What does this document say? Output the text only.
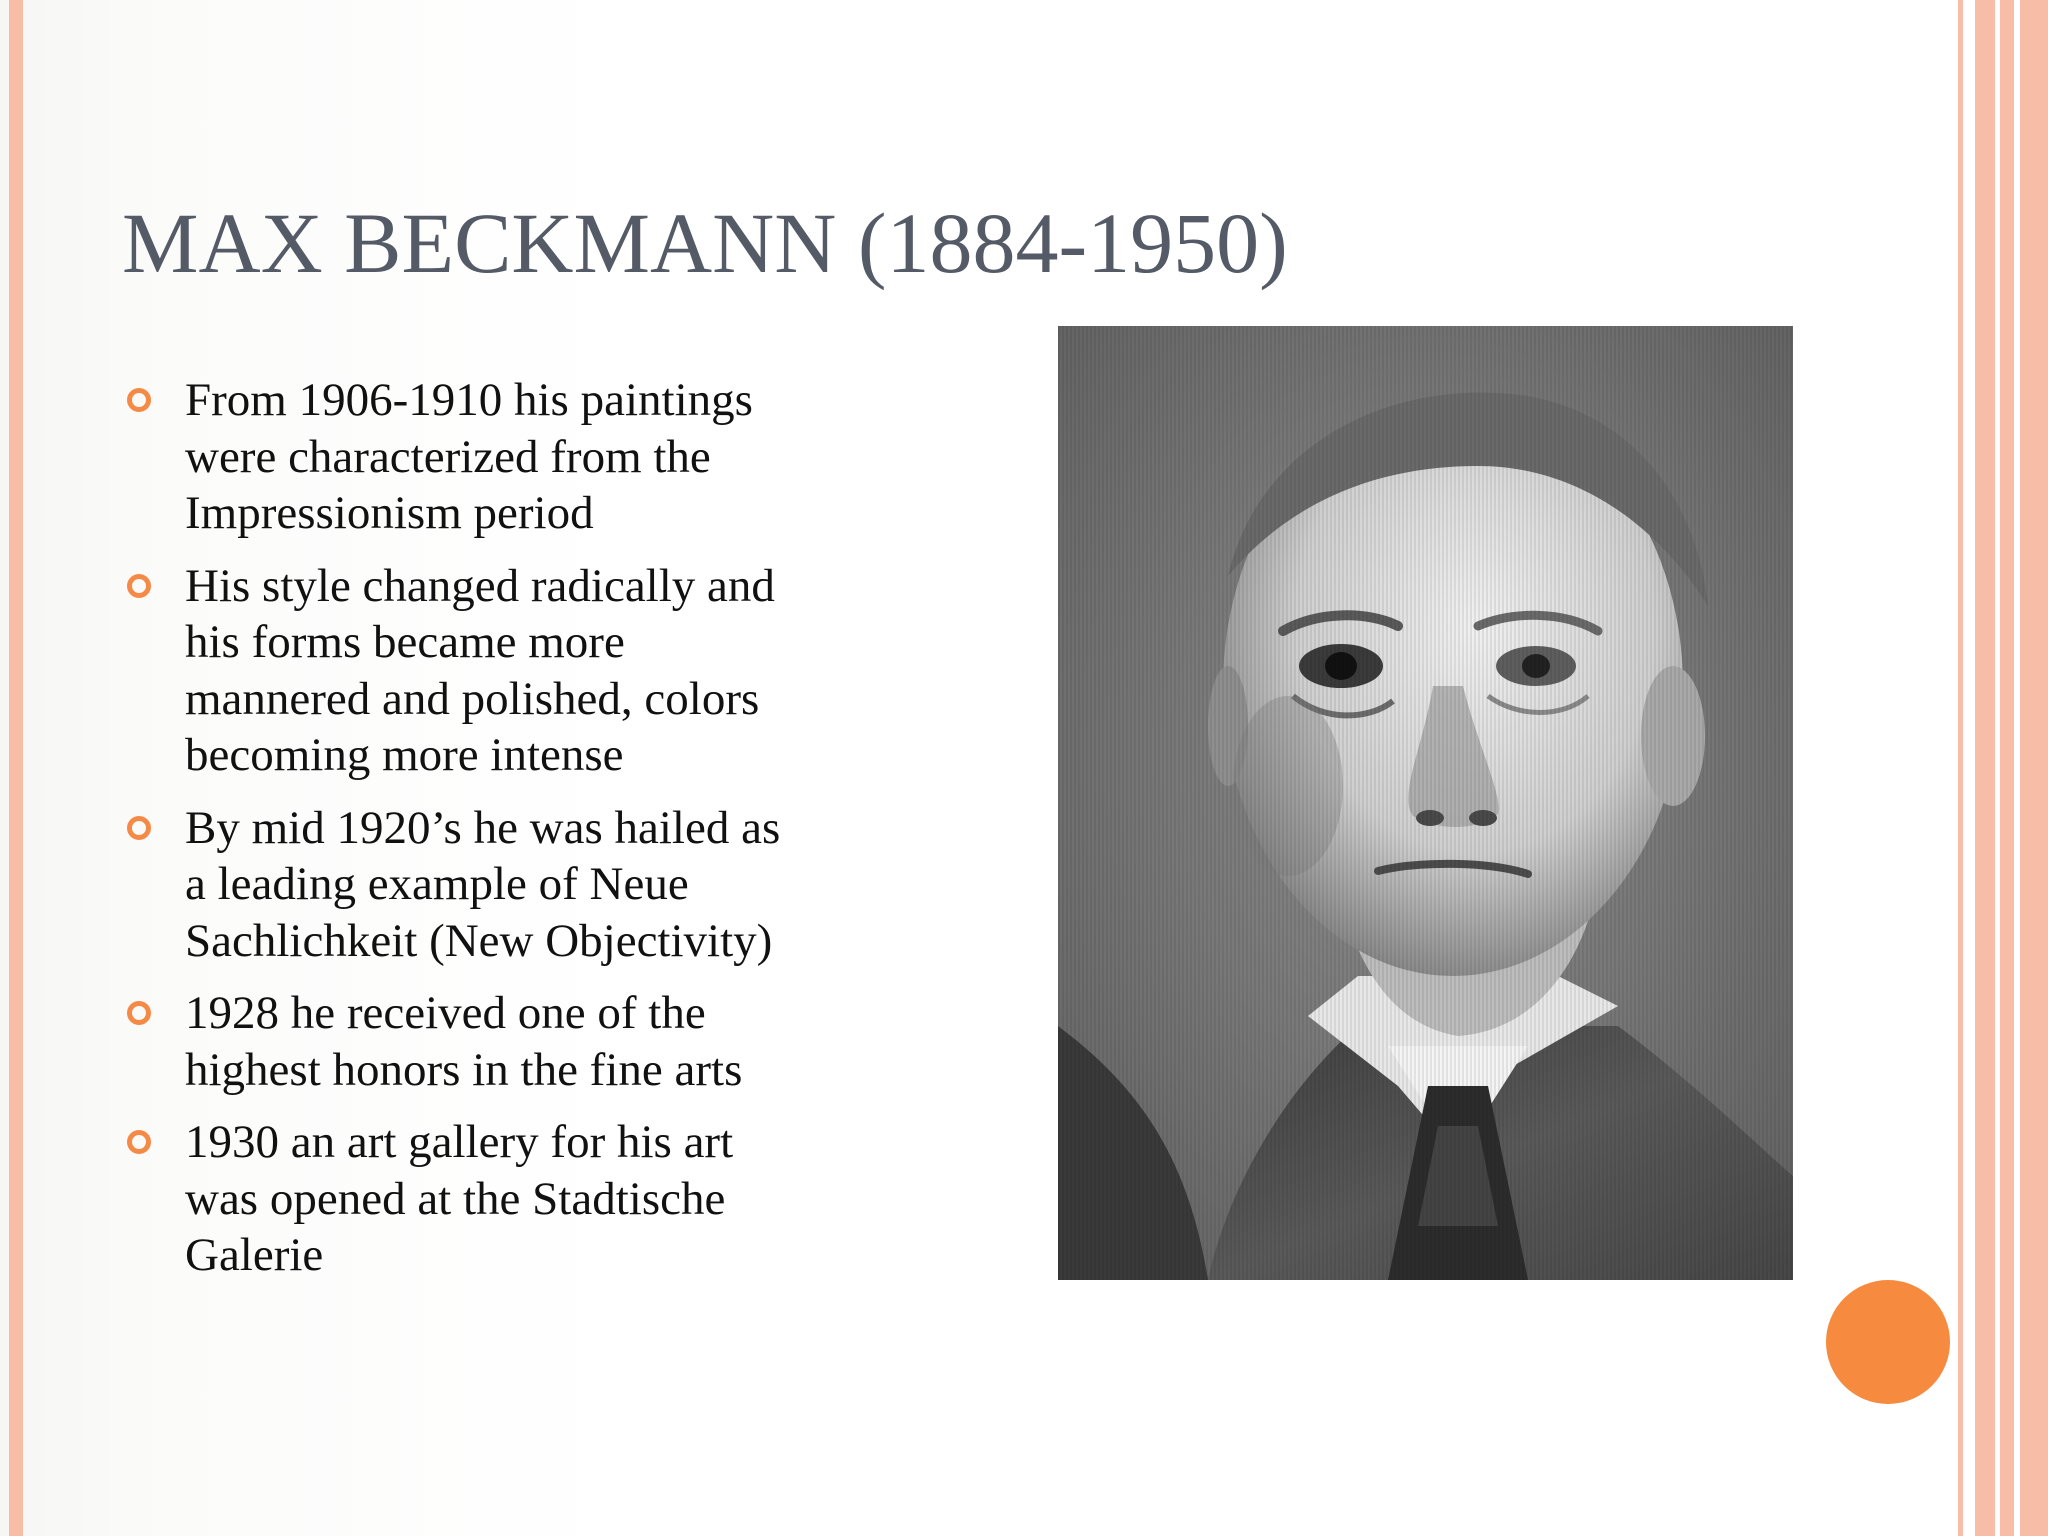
MAX BECKMANN (1884-1950)
From 1906-1910 his paintings
were characterized from the
Impressionism period
His style changed radically and
his forms became more
mannered and polished, colors
becoming more intense
By mid 1920’s he was hailed as
a leading example of Neue
Sachlichkeit (New Objectivity)
1928 he received one of the
highest honors in the fine arts
1930 an art gallery for his art
was opened at the Stadtische
Galerie
